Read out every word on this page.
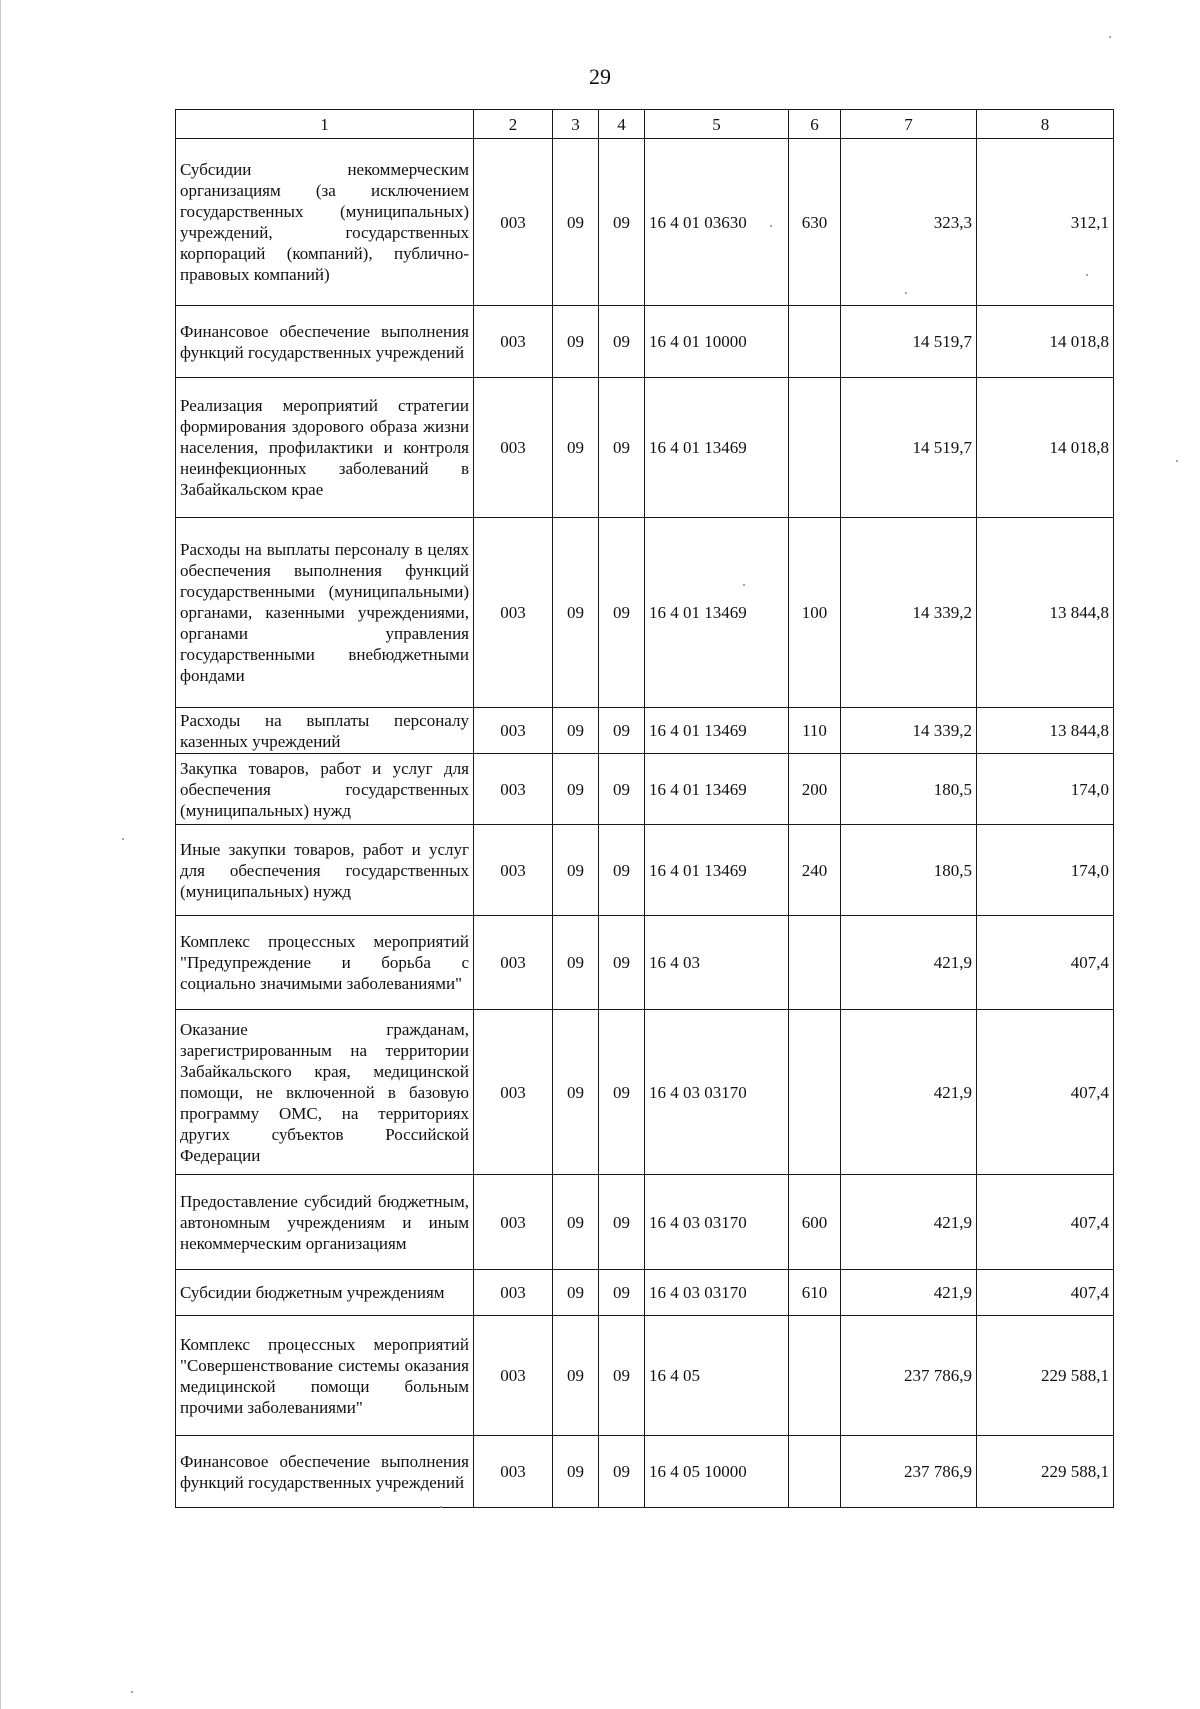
29
1	2	3	4	5	6	7	8
Субсидии некоммерческим организациям (за исключением государственных (муниципальных) учреждений, государственных корпораций (компаний), публично-правовых компаний)	003	09	09	16 4 01 03630	630	323,3	312,1
Финансовое обеспечение выполнения функций государственных учреждений	003	09	09	16 4 01 10000		14 519,7	14 018,8
Реализация мероприятий стратегии формирования здорового образа жизни населения, профилактики и контроля неинфекционных заболеваний в Забайкальском крае	003	09	09	16 4 01 13469		14 519,7	14 018,8
Расходы на выплаты персоналу в целях обеспечения выполнения функций государственными (муниципальными) органами, казенными учреждениями, органами управления государственными внебюджетными фондами	003	09	09	16 4 01 13469	100	14 339,2	13 844,8
Расходы на выплаты персоналу казенных учреждений	003	09	09	16 4 01 13469	110	14 339,2	13 844,8
Закупка товаров, работ и услуг для обеспечения государственных (муниципальных) нужд	003	09	09	16 4 01 13469	200	180,5	174,0
Иные закупки товаров, работ и услуг для обеспечения государственных (муниципальных) нужд	003	09	09	16 4 01 13469	240	180,5	174,0
Комплекс процессных мероприятий "Предупреждение и борьба с социально значимыми заболеваниями"	003	09	09	16 4 03		421,9	407,4
Оказание гражданам, зарегистрированным на территории Забайкальского края, медицинской помощи, не включенной в базовую программу ОМС, на территориях других субъектов Российской Федерации	003	09	09	16 4 03 03170		421,9	407,4
Предоставление субсидий бюджетным, автономным учреждениям и иным некоммерческим организациям	003	09	09	16 4 03 03170	600	421,9	407,4
Субсидии бюджетным учреждениям	003	09	09	16 4 03 03170	610	421,9	407,4
Комплекс процессных мероприятий "Совершенствование системы оказания медицинской помощи больным прочими заболеваниями"	003	09	09	16 4 05		237 786,9	229 588,1
Финансовое обеспечение выполнения функций государственных учреждений	003	09	09	16 4 05 10000		237 786,9	229 588,1
